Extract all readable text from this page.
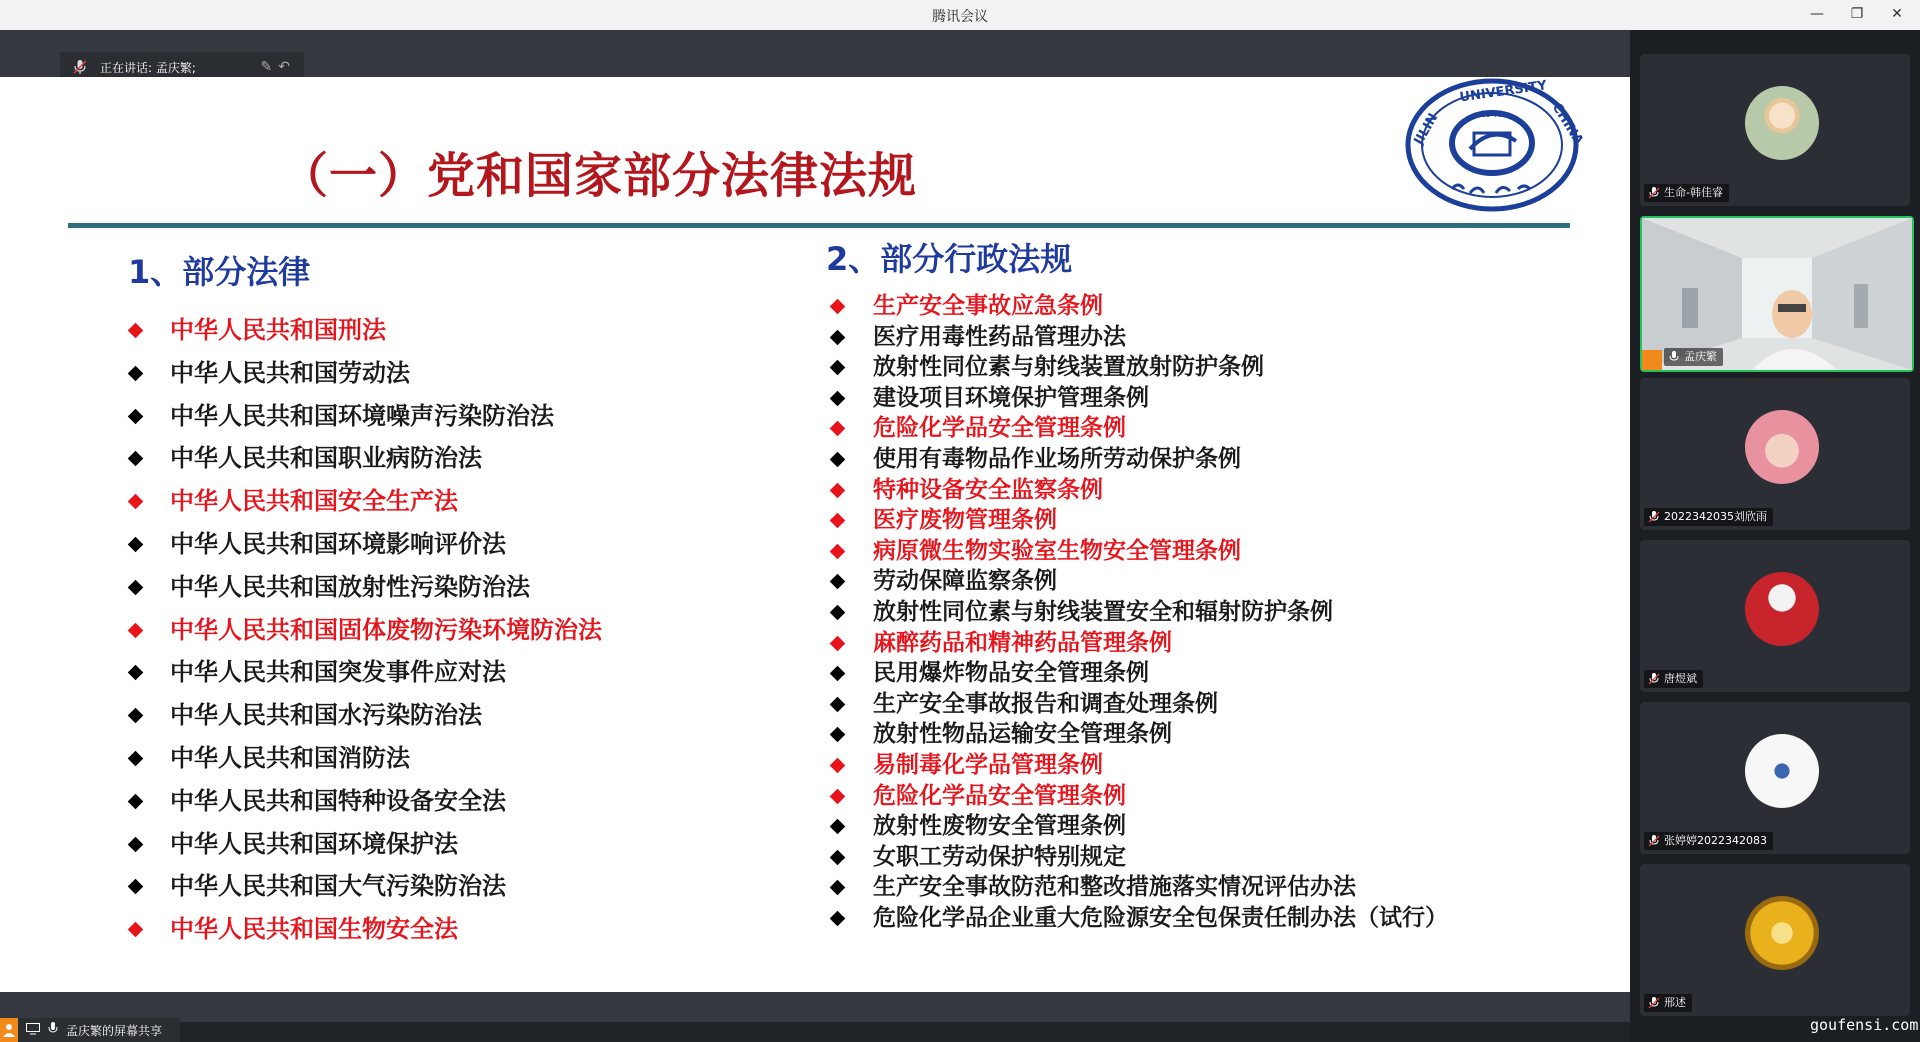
腾讯会议	—	❐	✕
正在讲话: 孟庆繁;	✎ ↶
（一）党和国家部分法律法规
JILIN
UNIVERSITY
CHINA
1946
1、部分法律
中华人民共和国刑法
中华人民共和国劳动法
中华人民共和国环境噪声污染防治法
中华人民共和国职业病防治法
中华人民共和国安全生产法
中华人民共和国环境影响评价法
中华人民共和国放射性污染防治法
中华人民共和国固体废物污染环境防治法
中华人民共和国突发事件应对法
中华人民共和国水污染防治法
中华人民共和国消防法
中华人民共和国特种设备安全法
中华人民共和国环境保护法
中华人民共和国大气污染防治法
中华人民共和国生物安全法
2、部分行政法规
生产安全事故应急条例
医疗用毒性药品管理办法
放射性同位素与射线装置放射防护条例
建设项目环境保护管理条例
危险化学品安全管理条例
使用有毒物品作业场所劳动保护条例
特种设备安全监察条例
医疗废物管理条例
病原微生物实验室生物安全管理条例
劳动保障监察条例
放射性同位素与射线装置安全和辐射防护条例
麻醉药品和精神药品管理条例
民用爆炸物品安全管理条例
生产安全事故报告和调查处理条例
放射性物品运输安全管理条例
易制毒化学品管理条例
危险化学品安全管理条例
放射性废物安全管理条例
女职工劳动保护特别规定
生产安全事故防范和整改措施落实情况评估办法
危险化学品企业重大危险源安全包保责任制办法（试行）
孟庆繁的屏幕共享
生命-韩佳睿
孟庆繁
2022342035刘欣雨
唐煜斌
张婷婷2022342083
邢述
goufensi.com
